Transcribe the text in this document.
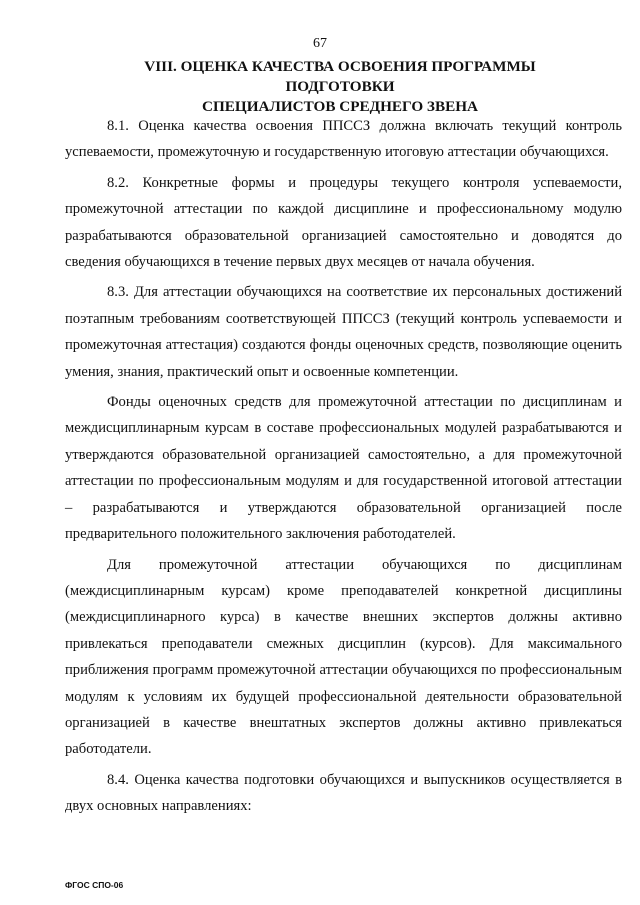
67
VIII. ОЦЕНКА КАЧЕСТВА ОСВОЕНИЯ ПРОГРАММЫ ПОДГОТОВКИ
СПЕЦИАЛИСТОВ СРЕДНЕГО ЗВЕНА

8.1. Оценка качества освоения ППССЗ должна включать текущий контроль успеваемости, промежуточную и государственную итоговую аттестации обучающихся.

8.2. Конкретные формы и процедуры текущего контроля успеваемости, промежуточной аттестации по каждой дисциплине и профессиональному модулю разрабатываются образовательной организацией самостоятельно и доводятся до сведения обучающихся в течение первых двух месяцев от начала обучения.

8.3. Для аттестации обучающихся на соответствие их персональных достижений поэтапным требованиям соответствующей ППССЗ (текущий контроль успеваемости и промежуточная аттестация) создаются фонды оценочных средств, позволяющие оценить умения, знания, практический опыт и освоенные компетенции.

Фонды оценочных средств для промежуточной аттестации по дисциплинам и междисциплинарным курсам в составе профессиональных модулей разрабатываются и утверждаются образовательной организацией самостоятельно, а для промежуточной аттестации по профессиональным модулям и для государственной итоговой аттестации – разрабатываются и утверждаются образовательной организацией после предварительного положительного заключения работодателей.

Для промежуточной аттестации обучающихся по дисциплинам (междисциплинарным курсам) кроме преподавателей конкретной дисциплины (междисциплинарного курса) в качестве внешних экспертов должны активно привлекаться преподаватели смежных дисциплин (курсов). Для максимального приближения программ промежуточной аттестации обучающихся по профессиональным модулям к условиям их будущей профессиональной деятельности образовательной организацией в качестве внештатных экспертов должны активно привлекаться работодатели.

8.4. Оценка качества подготовки обучающихся и выпускников осуществляется в двух основных направлениях:

ФГОС СПО-06
